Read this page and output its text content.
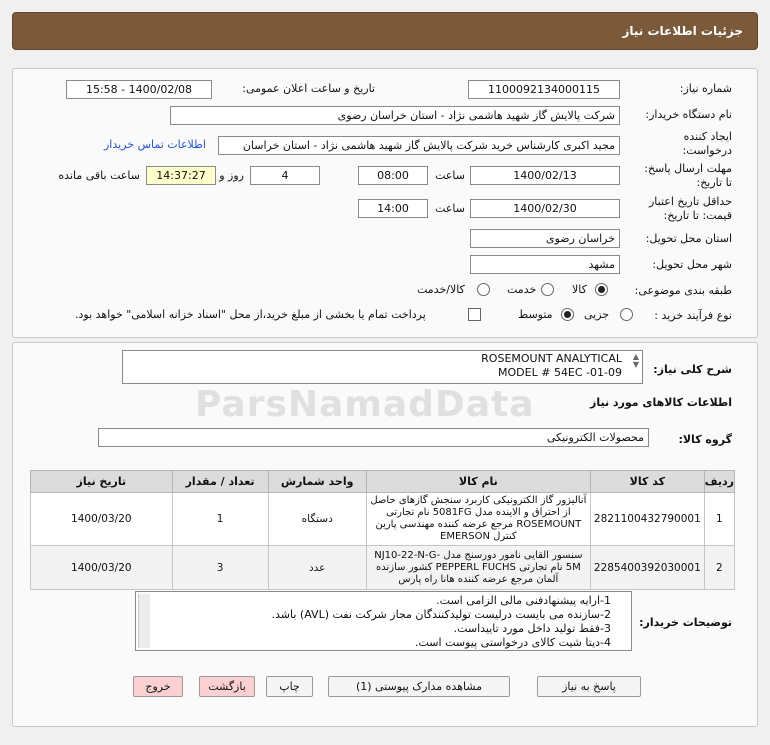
جزئیات اطلاعات نیاز
شماره نیاز:
1100092134000115
تاریخ و ساعت اعلان عمومی:
1400/02/08 - 15:58
نام دستگاه خریدار:
شرکت پالایش گاز شهید هاشمی نژاد - استان خراسان رضوی
ایجاد کننده
درخواست:
مجید اکبری کارشناس خرید شرکت پالایش گاز شهید هاشمی نژاد - استان خراسان
اطلاعات تماس خریدار
مهلت ارسال پاسخ:
تا تاریخ:
1400/02/13
ساعت
08:00
4
روز و
14:37:27
ساعت باقی مانده
حداقل تاریخ اعتبار
قیمت: تا تاریخ:
1400/02/30
ساعت
14:00
استان محل تحویل:
خراسان رضوی
شهر محل تحویل:
مشهد
طبقه بندی موضوعی:
کالا
خدمت
کالا/خدمت
نوع فرآیند خرید :
جزیی
متوسط
پرداخت تمام یا بخشی از مبلغ خرید،از محل "اسناد خزانه اسلامی" خواهد بود.
شرح کلی نیاز:
ROSEMOUNT ANALYTICAL
MODEL # 54EC -01-09
▲
▼
ParsNamadData	اطلاعات کالاهای مورد نیاز
گروه کالا:
محصولات الکترونیکی
ردیف	کد کالا	نام کالا	واحد شمارش	تعداد / مقدار	تاریخ نیاز
1	2821100432790001	آنالیزور گاز الکترونیکی کاربرد سنجش گازهای حاصل از احتراق و الاینده مدل 5081FG نام تجارتی ROSEMOUNT مرجع عرضه کننده مهندسی پارین کنترل EMERSON	دستگاه	1	1400/03/20
2	2285400392030001	سنسور القایی نامور دورسنج مدل NJ10-22-N-G-5M نام تجارتی PEPPERL FUCHS کشور سازنده آلمان مرجع عرضه کننده هانا راه پارس	عدد	3	1400/03/20
توضیحات خریدار:
1-ارایه پیشنهادفنی مالی الزامی است.
2-سازنده می بایست درلیست تولیدکنندگان مجاز شرکت نفت (AVL) باشد.
3-فقط تولید داخل مورد تاییداست.
4-دیتا شیت کالای درخواستی پیوست است.
پاسخ به نیاز
مشاهده مدارک پیوستی (1)
چاپ
بازگشت
خروج
